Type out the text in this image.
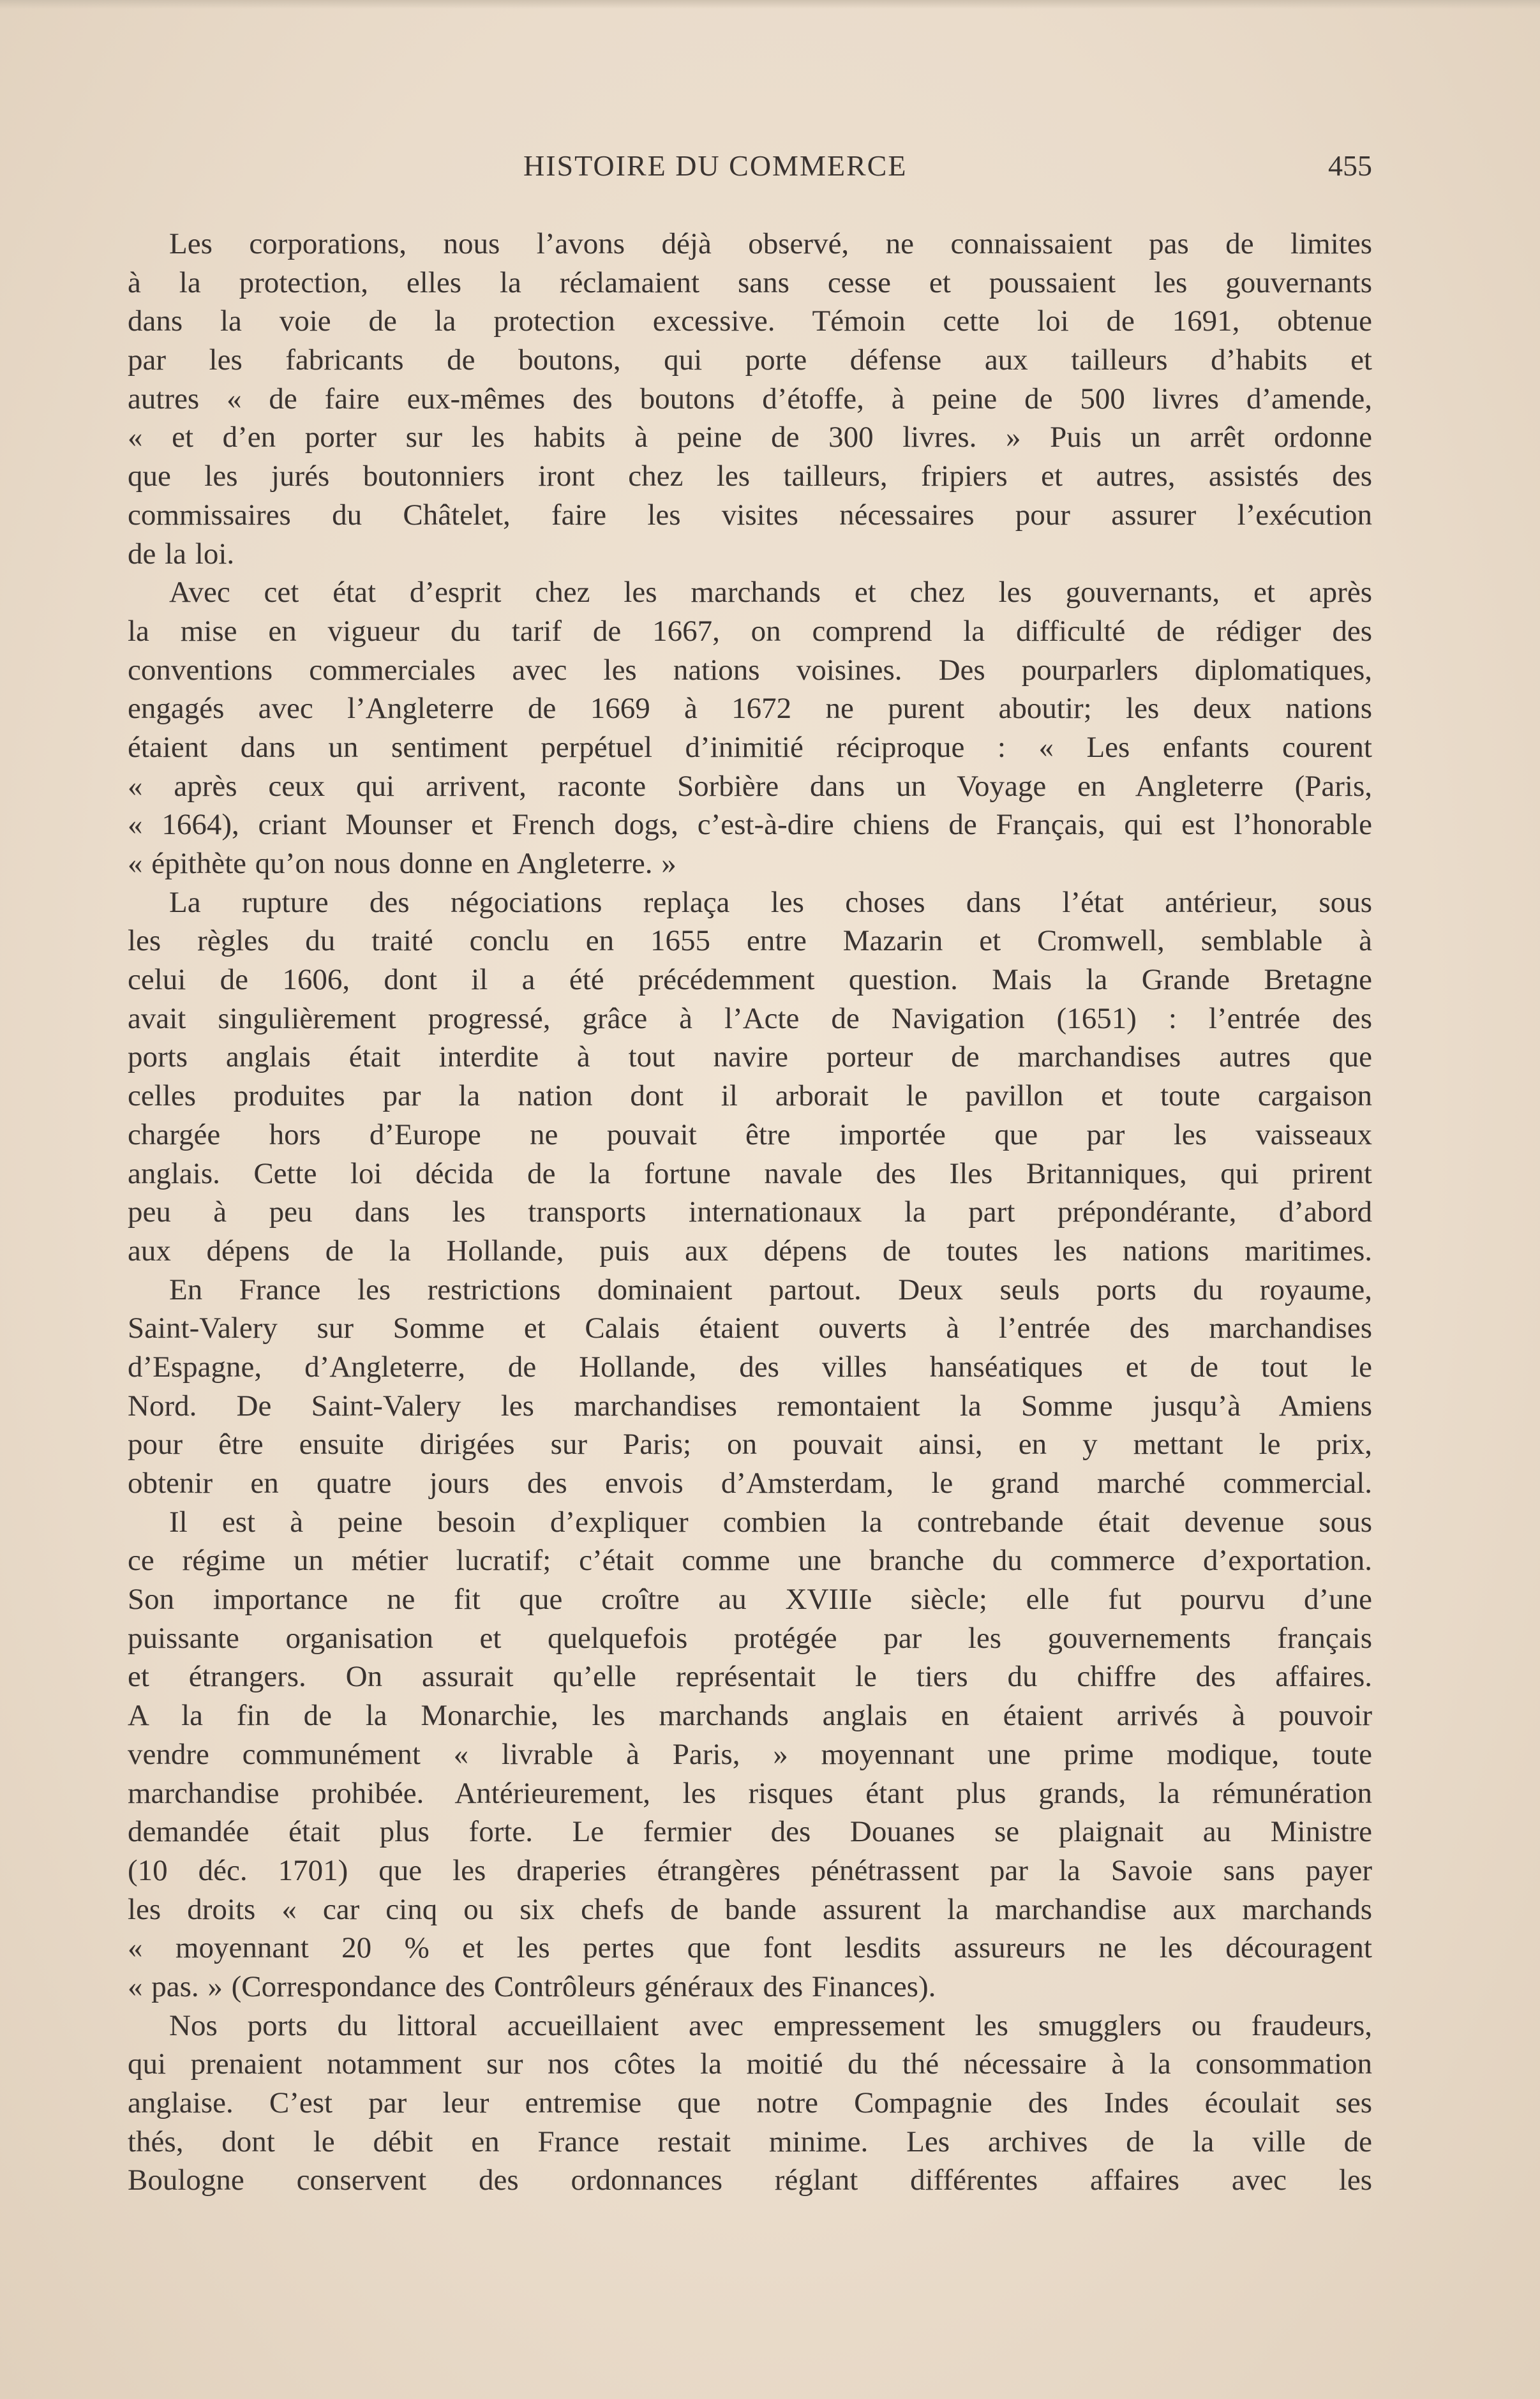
HISTOIRE DU COMMERCE	455
Les corporations, nous l’avons déjà observé, ne connaissaient pas de limites
à la protection, elles la réclamaient sans cesse et poussaient les gouvernants
dans la voie de la protection excessive. Témoin cette loi de 1691, obtenue
par les fabricants de boutons, qui porte défense aux tailleurs d’habits et
autres « de faire eux-mêmes des boutons d’étoffe, à peine de 500 livres d’amende,
« et d’en porter sur les habits à peine de 300 livres. » Puis un arrêt ordonne
que les jurés boutonniers iront chez les tailleurs, fripiers et autres, assistés des
commissaires du Châtelet, faire les visites nécessaires pour assurer l’exécution
de la loi.
Avec cet état d’esprit chez les marchands et chez les gouvernants, et après
la mise en vigueur du tarif de 1667, on comprend la difficulté de rédiger des
conventions commerciales avec les nations voisines. Des pourparlers diplomatiques,
engagés avec l’Angleterre de 1669 à 1672 ne purent aboutir; les deux nations
étaient dans un sentiment perpétuel d’inimitié réciproque : « Les enfants courent
« après ceux qui arrivent, raconte Sorbière dans un Voyage en Angleterre (Paris,
« 1664), criant Mounser et French dogs, c’est-à-dire chiens de Français, qui est l’honorable
« épithète qu’on nous donne en Angleterre. »
La rupture des négociations replaça les choses dans l’état antérieur, sous
les règles du traité conclu en 1655 entre Mazarin et Cromwell, semblable à
celui de 1606, dont il a été précédemment question. Mais la Grande Bretagne
avait singulièrement progressé, grâce à l’Acte de Navigation (1651) : l’entrée des
ports anglais était interdite à tout navire porteur de marchandises autres que
celles produites par la nation dont il arborait le pavillon et toute cargaison
chargée hors d’Europe ne pouvait être importée que par les vaisseaux
anglais. Cette loi décida de la fortune navale des Iles Britanniques, qui prirent
peu à peu dans les transports internationaux la part prépondérante, d’abord
aux dépens de la Hollande, puis aux dépens de toutes les nations maritimes.
En France les restrictions dominaient partout. Deux seuls ports du royaume,
Saint-Valery sur Somme et Calais étaient ouverts à l’entrée des marchandises
d’Espagne, d’Angleterre, de Hollande, des villes hanséatiques et de tout le
Nord. De Saint-Valery les marchandises remontaient la Somme jusqu’à Amiens
pour être ensuite dirigées sur Paris; on pouvait ainsi, en y mettant le prix,
obtenir en quatre jours des envois d’Amsterdam, le grand marché commercial.
Il est à peine besoin d’expliquer combien la contrebande était devenue sous
ce régime un métier lucratif; c’était comme une branche du commerce d’exportation.
Son importance ne fit que croître au XVIIIe siècle; elle fut pourvu d’une
puissante organisation et quelquefois protégée par les gouvernements français
et étrangers. On assurait qu’elle représentait le tiers du chiffre des affaires.
A la fin de la Monarchie, les marchands anglais en étaient arrivés à pouvoir
vendre communément « livrable à Paris, » moyennant une prime modique, toute
marchandise prohibée. Antérieurement, les risques étant plus grands, la rémunération
demandée était plus forte. Le fermier des Douanes se plaignait au Ministre
(10 déc. 1701) que les draperies étrangères pénétrassent par la Savoie sans payer
les droits « car cinq ou six chefs de bande assurent la marchandise aux marchands
« moyennant 20 % et les pertes que font lesdits assureurs ne les découragent
« pas. » (Correspondance des Contrôleurs généraux des Finances).
Nos ports du littoral accueillaient avec empressement les smugglers ou fraudeurs,
qui prenaient notamment sur nos côtes la moitié du thé nécessaire à la consommation
anglaise. C’est par leur entremise que notre Compagnie des Indes écoulait ses
thés, dont le débit en France restait minime. Les archives de la ville de
Boulogne conservent des ordonnances réglant différentes affaires avec les
